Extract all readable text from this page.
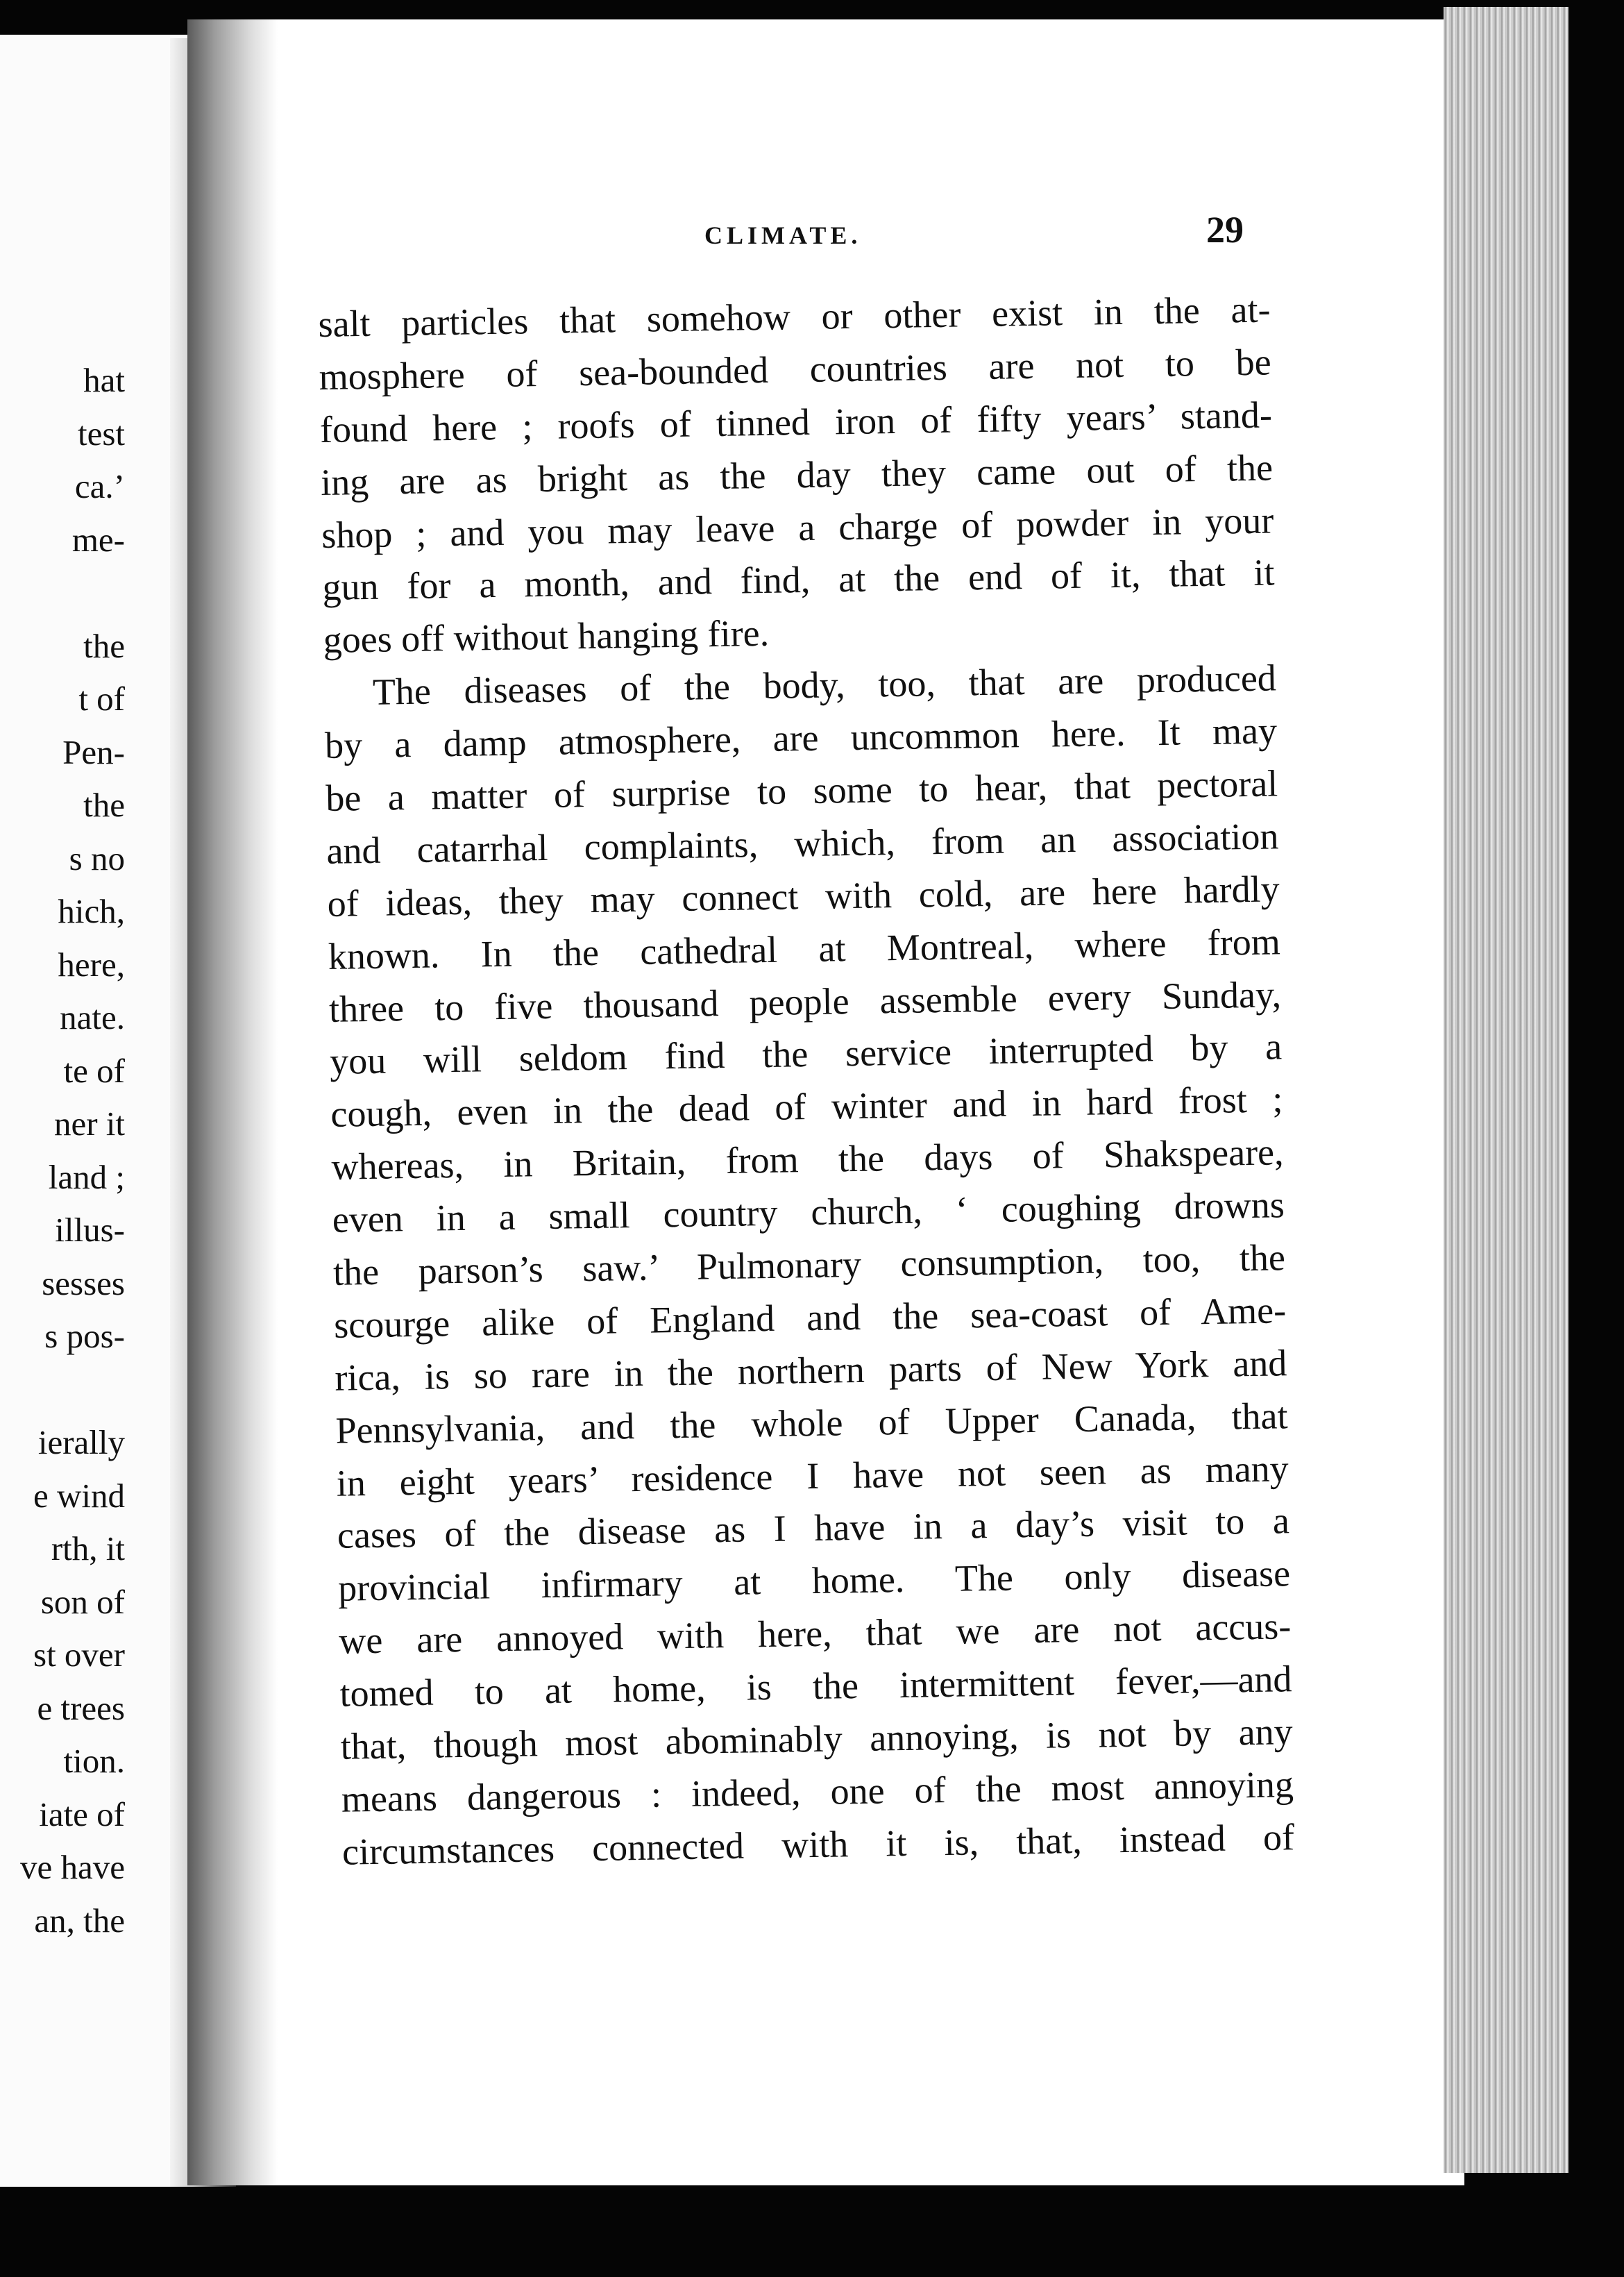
hat
test
ca.’
me-
the
t of
Pen-
the
s no
hich,
here,
nate.
te of
ner it
land ;
illus-
sesses
s pos-
ierally
e wind
rth, it
son of
st over
e trees
tion.
iate of
ve have
an, the
CLIMATE.	29
salt particles that somehow or other exist in the at-
mosphere of sea-bounded countries are not to be
found here ; roofs of tinned iron of fifty years’ stand-
ing are as bright as the day they came out of the
shop ; and you may leave a charge of powder in your
gun for a month, and find, at the end of it, that it
goes off without hanging fire.
The diseases of the body, too, that are produced
by a damp atmosphere, are uncommon here. It may
be a matter of surprise to some to hear, that pectoral
and catarrhal complaints, which, from an association
of ideas, they may connect with cold, are here hardly
known. In the cathedral at Montreal, where from
three to five thousand people assemble every Sunday,
you will seldom find the service interrupted by a
cough, even in the dead of winter and in hard frost ;
whereas, in Britain, from the days of Shakspeare,
even in a small country church, ‘ coughing drowns
the parson’s saw.’ Pulmonary consumption, too, the
scourge alike of England and the sea-coast of Ame-
rica, is so rare in the northern parts of New York and
Pennsylvania, and the whole of Upper Canada, that
in eight years’ residence I have not seen as many
cases of the disease as I have in a day’s visit to a
provincial infirmary at home. The only disease
we are annoyed with here, that we are not accus-
tomed to at home, is the intermittent fever,—and
that, though most abominably annoying, is not by any
means dangerous : indeed, one of the most annoying
circumstances connected with it is, that, instead of
